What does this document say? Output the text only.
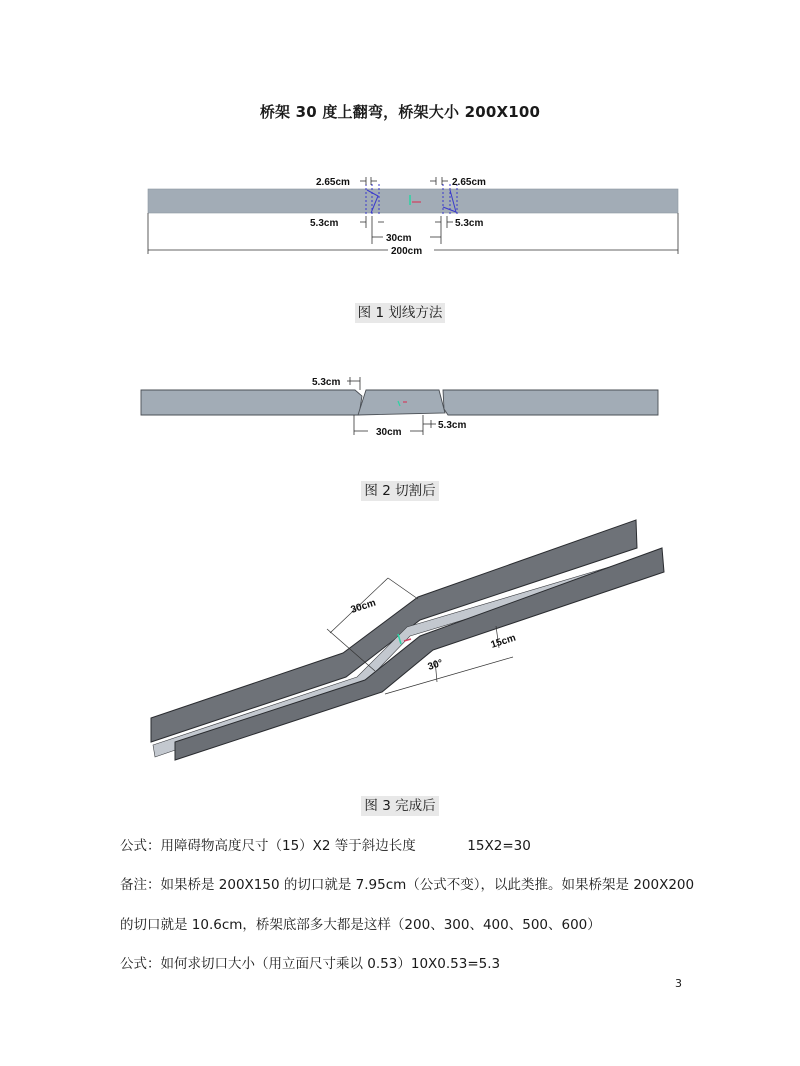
桥架 30 度上翻弯，桥架大小 200X100
2.65cm	2.65cm
5.3cm	5.3cm
30cm
200cm
图 1 划线方法
5.3cm
30cm
5.3cm
图 2 切割后
30cm
15cm
30°
图 3 完成后
公式：用障碍物高度尺寸（15）X2 等于斜边长度            15X2=30
备注：如果桥是 200X150 的切口就是 7.95cm（公式不变），以此类推。如果桥架是 200X200
的切口就是 10.6cm，桥架底部多大都是这样（200、300、400、500、600）
公式：如何求切口大小（用立面尺寸乘以 0.53）10X0.53=5.3
3
